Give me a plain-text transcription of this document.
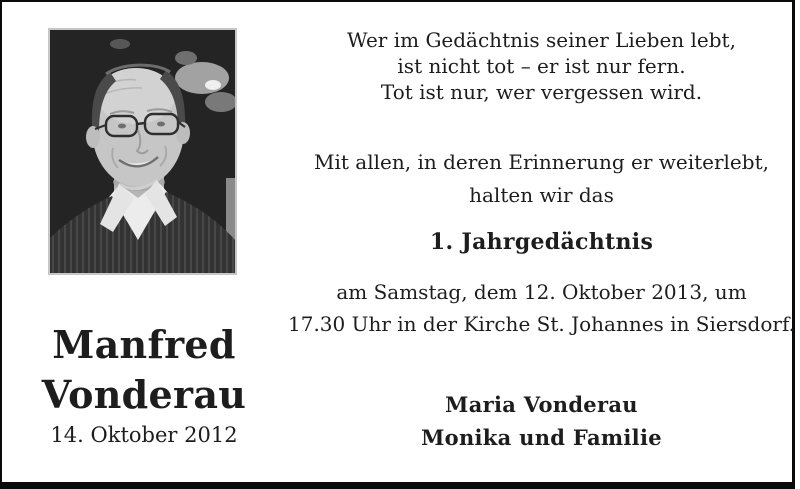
Wer im Gedächtnis seiner Lieben lebt,
ist nicht tot – er ist nur fern.
Tot ist nur, wer vergessen wird.
Mit allen, in deren Erinnerung er weiterlebt,
halten wir das
1. Jahrgedächtnis
am Samstag, dem 12. Oktober 2013, um
17.30 Uhr in der Kirche St. Johannes in Siersdorf.
Maria Vonderau
Monika und Familie
Manfred
Vonderau
14. Oktober 2012
